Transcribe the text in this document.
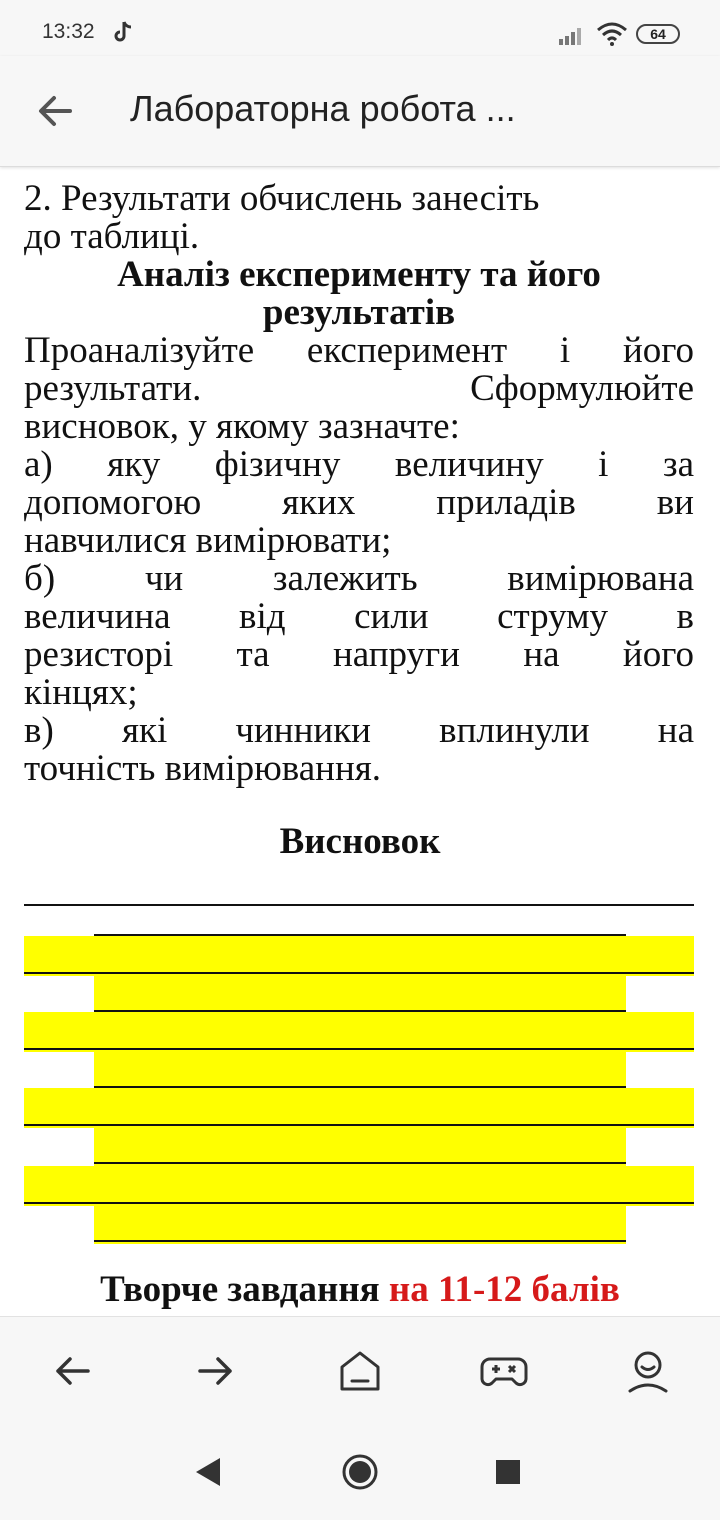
13:32	64
Лабораторна робота ...

2. Результати обчислень занесіть

до таблиці.

Аналіз експерименту та його

результатів

Проаналізуйте експеримент і його

результати. Сформулюйте

висновок, у якому зазначте:

а) яку фізичну величину і за

допомогою яких приладів ви

навчилися вимірювати;

б) чи залежить вимірювана

величина від сили струму в

резисторі та напруги на його

кінцях;

в) які чинники вплинули на

точність вимірювання.

Висновок
Творче завдання на 11-12 балів
